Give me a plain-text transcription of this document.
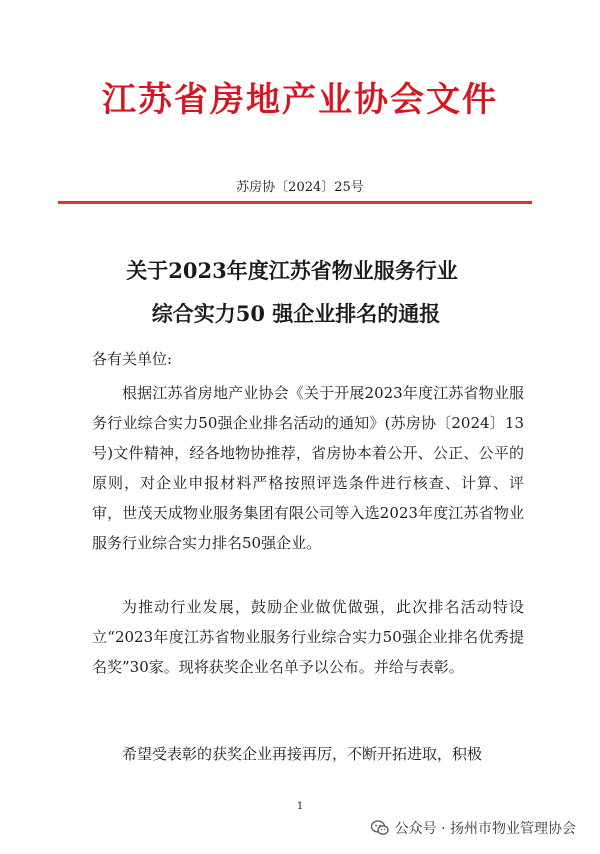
江苏省房地产业协会文件
苏房协〔2024〕25号
关于2023年度江苏省物业服务行业
综合实力50 强企业排名的通报
各有关单位:

根据江苏省房地产业协会《关于开展2023年度江苏省物业服务行业综合实力50强企业排名活动的通知》(苏房协〔2024〕13号)文件精神，经各地物协推荐，省房协本着公开、公正、公平的原则，对企业申报材料严格按照评选条件进行核查、计算、评审，世茂天成物业服务集团有限公司等入选2023年度江苏省物业服务行业综合实力排名50强企业。

为推动行业发展，鼓励企业做优做强，此次排名活动特设立“2023年度江苏省物业服务行业综合实力50强企业排名优秀提名奖”30家。现将获奖企业名单予以公布。并给与表彰。

希望受表彰的获奖企业再接再厉，不断开拓进取，积极

1
公众号 · 扬州市物业管理协会
